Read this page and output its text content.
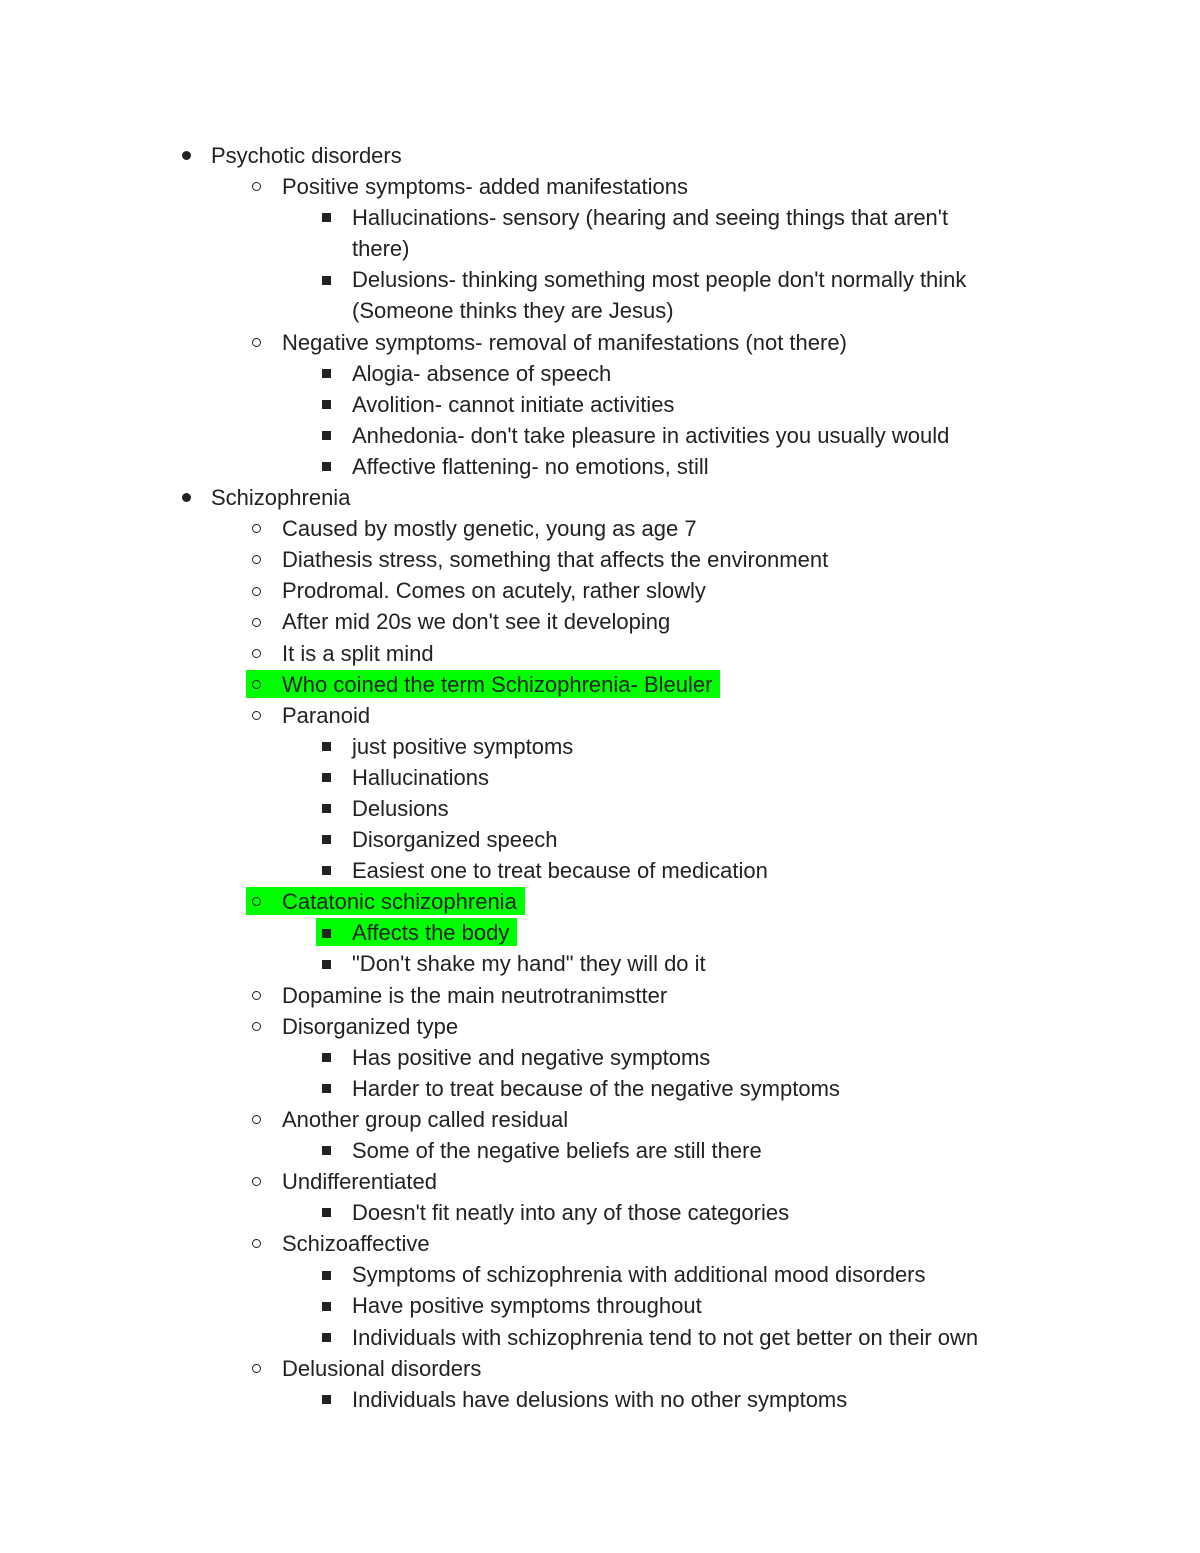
Psychotic disorders
Positive symptoms- added manifestations
Hallucinations- sensory (hearing and seeing things that aren't
there)
Delusions- thinking something most people don't normally think
(Someone thinks they are Jesus)
Negative symptoms- removal of manifestations (not there)
Alogia- absence of speech
Avolition- cannot initiate activities
Anhedonia- don't take pleasure in activities you usually would
Affective flattening- no emotions, still
Schizophrenia
Caused by mostly genetic, young as age 7
Diathesis stress, something that affects the environment
Prodromal. Comes on acutely, rather slowly
After mid 20s we don't see it developing
It is a split mind
Who coined the term Schizophrenia- Bleuler
Paranoid
just positive symptoms
Hallucinations
Delusions
Disorganized speech
Easiest one to treat because of medication
Catatonic schizophrenia
Affects the body
"Don't shake my hand" they will do it
Dopamine is the main neutrotranimstter
Disorganized type
Has positive and negative symptoms
Harder to treat because of the negative symptoms
Another group called residual
Some of the negative beliefs are still there
Undifferentiated
Doesn't fit neatly into any of those categories
Schizoaffective
Symptoms of schizophrenia with additional mood disorders
Have positive symptoms throughout
Individuals with schizophrenia tend to not get better on their own
Delusional disorders
Individuals have delusions with no other symptoms
